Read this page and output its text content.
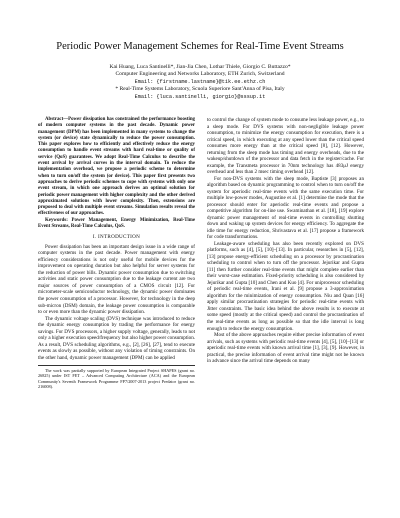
Periodic Power Management Schemes for Real-Time Event Streams
Kai Huang, Luca Santinelli*, Jian-Jia Chen, Lothar Thiele, Giorgio C. Buttazzo*
Computer Engineering and Networks Laboratory, ETH Zurich, Switzerland
Email: {firstname.lastname}@tik.ee.ethz.ch
* Real-Time Systems Laboratory, Scuola Superiore Sant'Anna of Pisa, Italy
Email: {luca.santinelli, giorgio}@sssup.it

Abstract—Power dissipation has constrained the performance boosting of modern computer systems in the past decade. Dynamic power management (DPM) has been implemented in many systems to change the system (or device) state dynamically to reduce the power consumption. This paper explores how to efficiently and effectively reduce the energy consumption to handle event streams with hard real-time or quality of service (QoS) guarantees. We adopt Real-Time Calculus to describe the event arrival by arrival curves in the interval domain. To reduce the implementation overhead, we propose a periodic scheme to determine when to turn on/off the system (or device). This paper first presents two approaches to derive periodic schemes to cope with systems with only one event stream, in which one approach derives an optimal solution for periodic power management with higher complexity and the other derived approximated solutions with lower complexity. Then, extensions are proposed to deal with multiple event streams. Simulation results reveal the effectiveness of our approaches.

Keywords: Power Management, Energy Minimization, Real-Time Event Streams, Real-Time Calculus, QoS.

I. INTRODUCTION

Power dissipation has been an important design issue in a wide range of computer systems in the past decade. Power management with energy efficiency considerations is not only useful for mobile devices for the improvement on operating duration but also helpful for server systems for the reduction of power bills. Dynamic power consumption due to switching activities and static power consumption due to the leakage current are two major sources of power consumption of a CMOS circuit [12]. For micrometer-scale semiconductor technology, the dynamic power dominates the power consumption of a processor. However, for technology in the deep sub-micron (DSM) domain, the leakage power consumption is comparable to or even more than the dynamic power dissipation.

The dynamic voltage scaling (DVS) technique was introduced to reduce the dynamic energy consumption by trading the performance for energy savings. For DVS processors, a higher supply voltage, generally, leads to not only a higher execution speed/frequency but also higher power consumption. As a result, DVS scheduling algorithms, e.g., [2], [26], [27], tend to execute events as slowly as possible, without any violation of timing constraints. On the other hand, dynamic power management (DPM) can be applied

The work was partially supported by European Integrated Project SHAPES (grant no. 26825) under IST FET – Advanced Computing Architecture (ACA) and the European Community's Seventh Framework Programme FP7/2007-2013 project Predator (grant no. 216008).

to control the change of system mode to consume less leakage power, e.g., to a sleep mode. For DVS systems with non-negligible leakage power consumption, to minimize the energy consumption for execution, there is a critical speed, in which executing at any speed lower than the critical speed consumes more energy than at the critical speed [8], [12]. However, returning from the sleep mode has timing and energy overheads, due to the wakeup/shutdown of the processor and data fetch in the register/cache. For example, the Transmeta processor in 70nm technology has 483μJ energy overhead and less than 2 msec timing overhead [12].

For non-DVS systems with the sleep mode, Baptiste [3] proposes an algorithm based on dynamic programming to control when to turn on/off the system for aperiodic real-time events with the same execution time. For multiple low-power modes, Augustine et al. [1] determine the mode that the processor should enter for aperiodic real-time events and propose a competitive algorithm for on-line use. Swaminathan et al. [18], [19] explore dynamic power management of real-time events in controlling shutting down and waking up system devices for energy efficiency. To aggregate the idle time for energy reduction, Shrivastava et al. [17] propose a framework for code transformations.

Leakage-aware scheduling has also been recently explored on DVS platforms, such as [4], [5], [10]–[13]. In particular, researches in [5], [12], [13] propose energy-efficient scheduling on a processor by procrastination scheduling to control when to turn off the processor. Jejurikar and Gupta [11] then further consider real-time events that might complete earlier than their worst-case estimation. Fixed-priority scheduling is also considered by Jejurikar and Gupta [10] and Chen and Kuo [4]. For uniprocessor scheduling of periodic real-time events, Irani et al. [9] propose a 3-approximation algorithm for the minimization of energy consumption. Niu and Quan [16] apply similar procrastination strategies for periodic real-time events with Jitter constraints. The basic idea behind the above results is to execute at some speed (mostly at the critical speed) and control the procrastination of the real-time events as long as possible so that the idle interval is long enough to reduce the energy consumption.

Most of the above approaches require either precise information of event arrivals, such as systems with periodic real-time events [4], [5], [10]–[13] or aperiodic real-time events with known arrival time [1], [3], [9]. However, in practical, the precise information of event arrival time might not be known in advance since the arrival time depends on many
